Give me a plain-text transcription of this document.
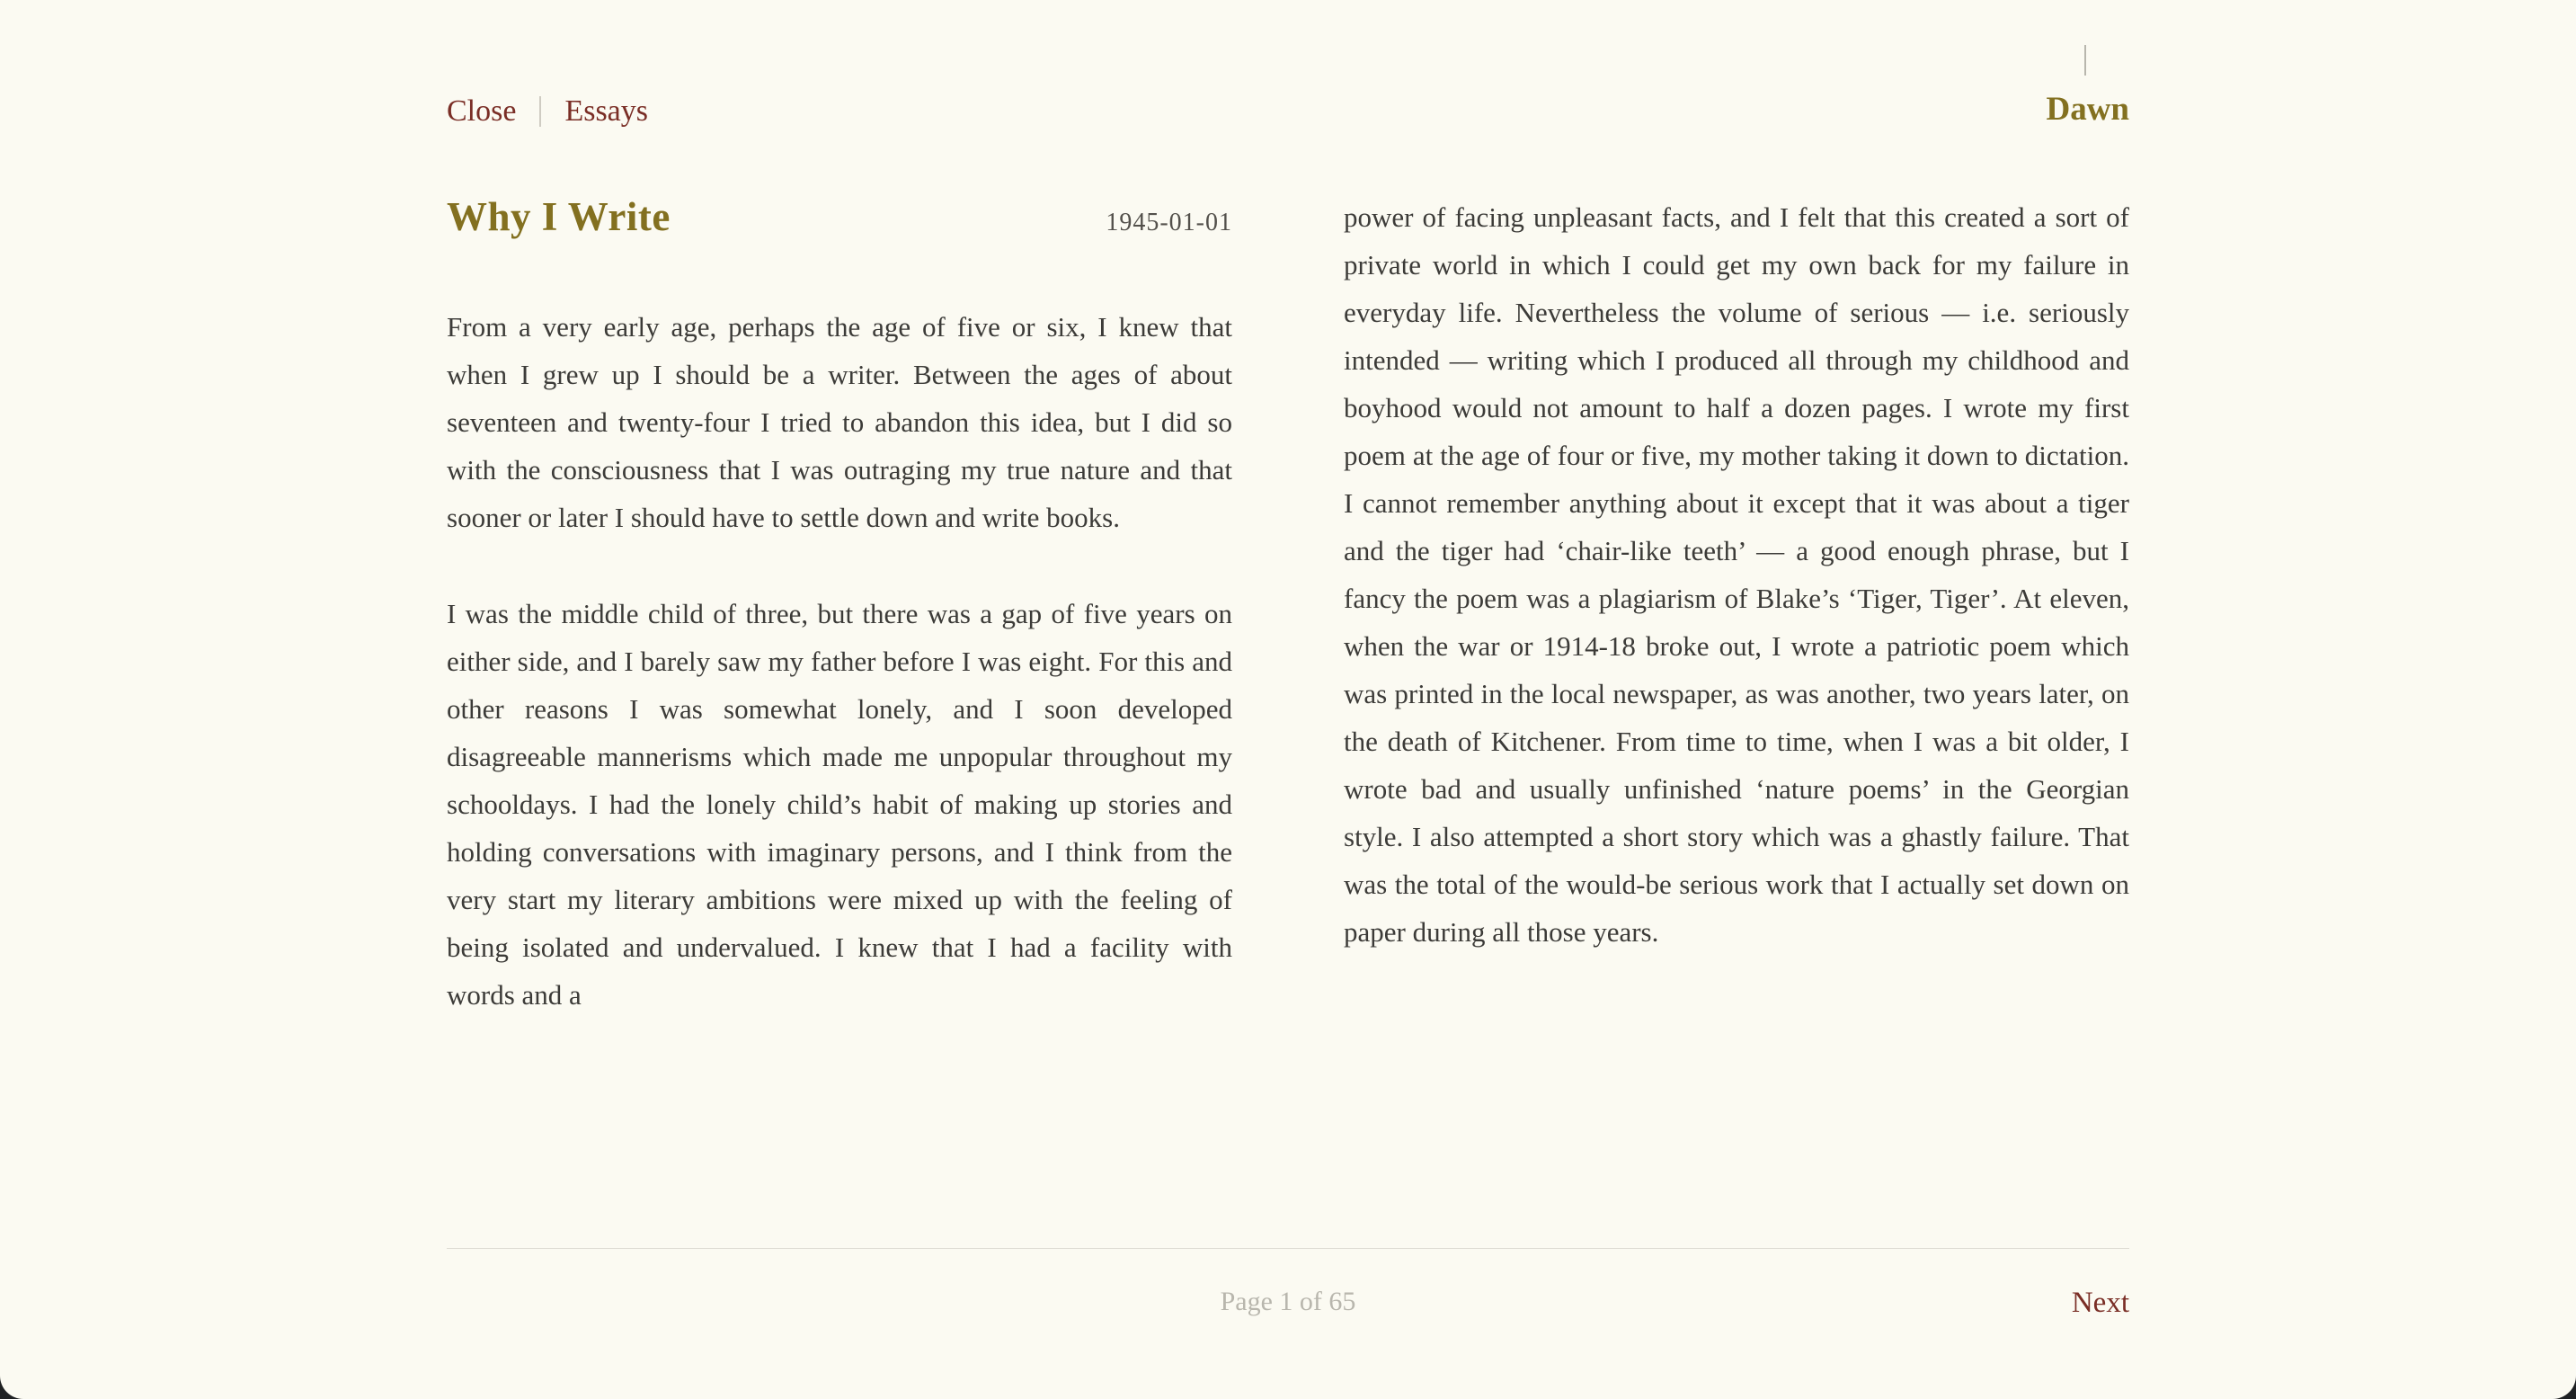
Close Essays	Dawn
Why I Write	1945-01-01

From a very early age, perhaps the age of five or six, I knew that when I grew up I should be a writer. Between the ages of about seventeen and twenty-four I tried to abandon this idea, but I did so with the consciousness that I was outraging my true nature and that sooner or later I should have to settle down and write books.

I was the middle child of three, but there was a gap of five years on either side, and I barely saw my father before I was eight. For this and other reasons I was somewhat lonely, and I soon developed disagreeable mannerisms which made me unpopular throughout my schooldays. I had the lonely child’s habit of making up stories and holding conversations with imaginary persons, and I think from the very start my literary ambitions were mixed up with the feeling of being isolated and undervalued. I knew that I had a facility with words and a

power of facing unpleasant facts, and I felt that this created a sort of private world in which I could get my own back for my failure in everyday life. Nevertheless the volume of serious — i.e. seriously intended — writing which I produced all through my childhood and boyhood would not amount to half a dozen pages. I wrote my first poem at the age of four or five, my mother taking it down to dictation. I cannot remember anything about it except that it was about a tiger and the tiger had ‘chair-like teeth’ — a good enough phrase, but I fancy the poem was a plagiarism of Blake’s ‘Tiger, Tiger’. At eleven, when the war or 1914-18 broke out, I wrote a patriotic poem which was printed in the local newspaper, as was another, two years later, on the death of Kitchener. From time to time, when I was a bit older, I wrote bad and usually unfinished ‘nature poems’ in the Georgian style. I also attempted a short story which was a ghastly failure. That was the total of the would-be serious work that I actually set down on paper during all those years.

Page 1 of 65	Next
